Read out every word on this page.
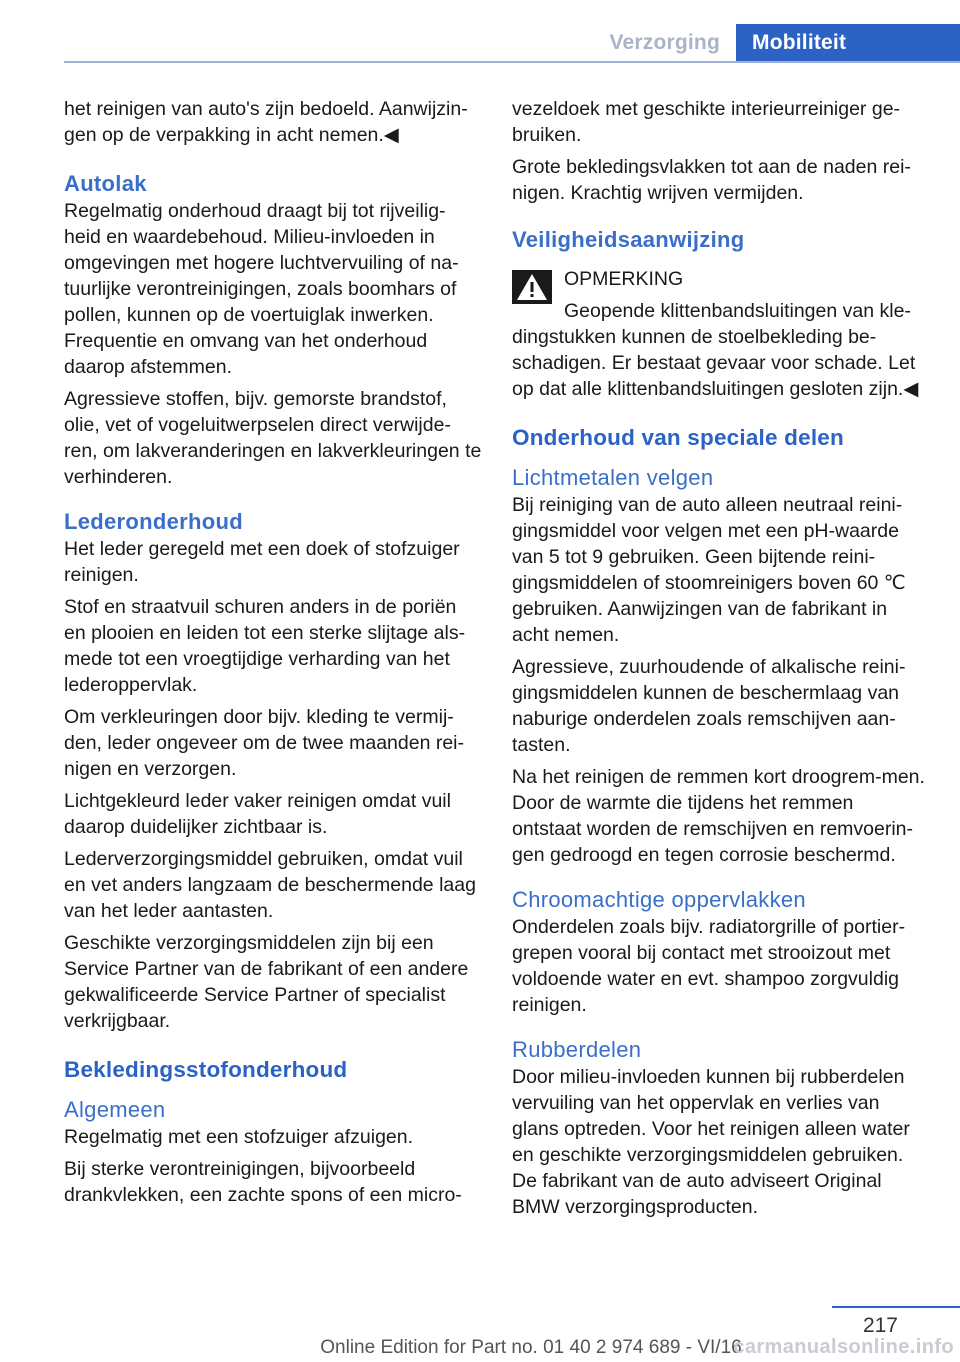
Verzorging	Mobiliteit

het reinigen van auto's zijn bedoeld. Aanwijzin-gen op de verpakking in acht nemen.◀

Autolak

Regelmatig onderhoud draagt bij tot rijveilig-heid en waardebehoud. Milieu-invloeden in omgevingen met hogere luchtvervuiling of na-tuurlijke verontreinigingen, zoals boomhars of pollen, kunnen op de voertuiglak inwerken. Frequentie en omvang van het onderhoud daarop afstemmen.

Agressieve stoffen, bijv. gemorste brandstof, olie, vet of vogeluitwerpselen direct verwijde-ren, om lakveranderingen en lakverkleuringen te verhinderen.

Lederonderhoud

Het leder geregeld met een doek of stofzuiger reinigen.

Stof en straatvuil schuren anders in de poriën en plooien en leiden tot een sterke slijtage als-mede tot een vroegtijdige verharding van het lederoppervlak.

Om verkleuringen door bijv. kleding te vermij-den, leder ongeveer om de twee maanden rei-nigen en verzorgen.

Lichtgekleurd leder vaker reinigen omdat vuil daarop duidelijker zichtbaar is.

Lederverzorgingsmiddel gebruiken, omdat vuil en vet anders langzaam de beschermende laag van het leder aantasten.

Geschikte verzorgingsmiddelen zijn bij een Service Partner van de fabrikant of een andere gekwalificeerde Service Partner of specialist verkrijgbaar.

Bekledingsstofonderhoud
Algemeen

Regelmatig met een stofzuiger afzuigen.

Bij sterke verontreinigingen, bijvoorbeeld drankvlekken, een zachte spons of een micro-

vezeldoek met geschikte interieurreiniger ge-bruiken.

Grote bekledingsvlakken tot aan de naden rei-nigen. Krachtig wrijven vermijden.

Veiligheidsaanwijzing
OPMERKING

Geopende klittenbandsluitingen van kle-dingstukken kunnen de stoelbekleding be-schadigen. Er bestaat gevaar voor schade. Let op dat alle klittenbandsluitingen gesloten zijn.◀

Onderhoud van speciale delen
Lichtmetalen velgen

Bij reiniging van de auto alleen neutraal reini-gingsmiddel voor velgen met een pH-waarde van 5 tot 9 gebruiken. Geen bijtende reini-gingsmiddelen of stoomreinigers boven 60 ℃ gebruiken. Aanwijzingen van de fabrikant in acht nemen.

Agressieve, zuurhoudende of alkalische reini-gingsmiddelen kunnen de beschermlaag van naburige onderdelen zoals remschijven aan-tasten.

Na het reinigen de remmen kort droogrem-men. Door de warmte die tijdens het remmen ontstaat worden de remschijven en remvoerin-gen gedroogd en tegen corrosie beschermd.

Chroomachtige oppervlakken

Onderdelen zoals bijv. radiatorgrille of portier-grepen vooral bij contact met strooizout met voldoende water en evt. shampoo zorgvuldig reinigen.

Rubberdelen

Door milieu-invloeden kunnen bij rubberdelen vervuiling van het oppervlak en verlies van glans optreden. Voor het reinigen alleen water en geschikte verzorgingsmiddelen gebruiken. De fabrikant van de auto adviseert Original BMW verzorgingsproducten.

217
Online Edition for Part no. 01 40 2 974 689 - VI/16
carmanualsonline.info
